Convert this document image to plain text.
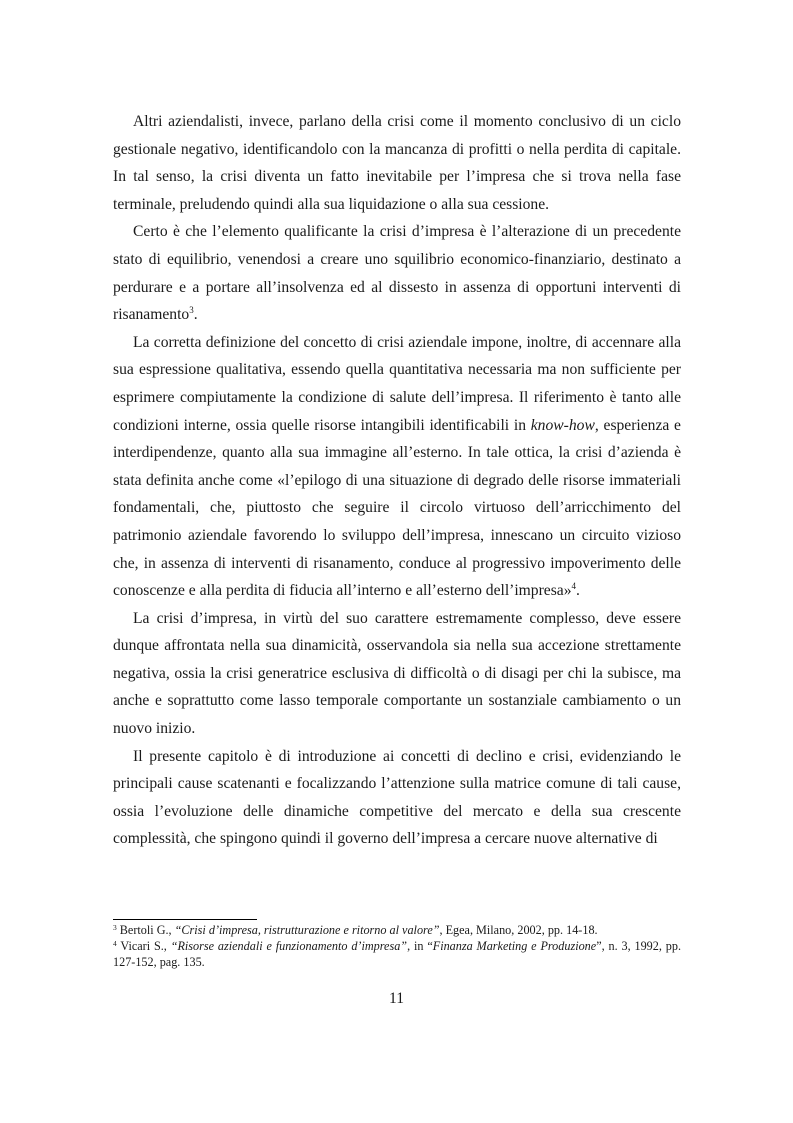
Altri aziendalisti, invece, parlano della crisi come il momento conclusivo di un ciclo gestionale negativo, identificandolo con la mancanza di profitti o nella perdita di capitale. In tal senso, la crisi diventa un fatto inevitabile per l’impresa che si trova nella fase terminale, preludendo quindi alla sua liquidazione o alla sua cessione.

Certo è che l’elemento qualificante la crisi d’impresa è l’alterazione di un precedente stato di equilibrio, venendosi a creare uno squilibrio economico-finanziario, destinato a perdurare e a portare all’insolvenza ed al dissesto in assenza di opportuni interventi di risanamento$^3$.

La corretta definizione del concetto di crisi aziendale impone, inoltre, di accennare alla sua espressione qualitativa, essendo quella quantitativa necessaria ma non sufficiente per esprimere compiutamente la condizione di salute dell’impresa. Il riferimento è tanto alle condizioni interne, ossia quelle risorse intangibili identificabili in know-how, esperienza e interdipendenze, quanto alla sua immagine all’esterno. In tale ottica, la crisi d’azienda è stata definita anche come «l’epilogo di una situazione di degrado delle risorse immateriali fondamentali, che, piuttosto che seguire il circolo virtuoso dell’arricchimento del patrimonio aziendale favorendo lo sviluppo dell’impresa, innescano un circuito vizioso che, in assenza di interventi di risanamento, conduce al progressivo impoverimento delle conoscenze e alla perdita di fiducia all’interno e all’esterno dell’impresa»$^4$.

La crisi d’impresa, in virtù del suo carattere estremamente complesso, deve essere dunque affrontata nella sua dinamicità, osservandola sia nella sua accezione strettamente negativa, ossia la crisi generatrice esclusiva di difficoltà o di disagi per chi la subisce, ma anche e soprattutto come lasso temporale comportante un sostanziale cambiamento o un nuovo inizio.

Il presente capitolo è di introduzione ai concetti di declino e crisi, evidenziando le principali cause scatenanti e focalizzando l’attenzione sulla matrice comune di tali cause, ossia l’evoluzione delle dinamiche competitive del mercato e della sua crescente complessità, che spingono quindi il governo dell’impresa a cercare nuove alternative di

$^3$ Bertoli G., “Crisi d’impresa, ristrutturazione e ritorno al valore”, Egea, Milano, 2002, pp. 14-18.

$^4$ Vicari S., “Risorse aziendali e funzionamento d’impresa”, in “Finanza Marketing e Produzione”, n. 3, 1992, pp. 127-152, pag. 135.

11
